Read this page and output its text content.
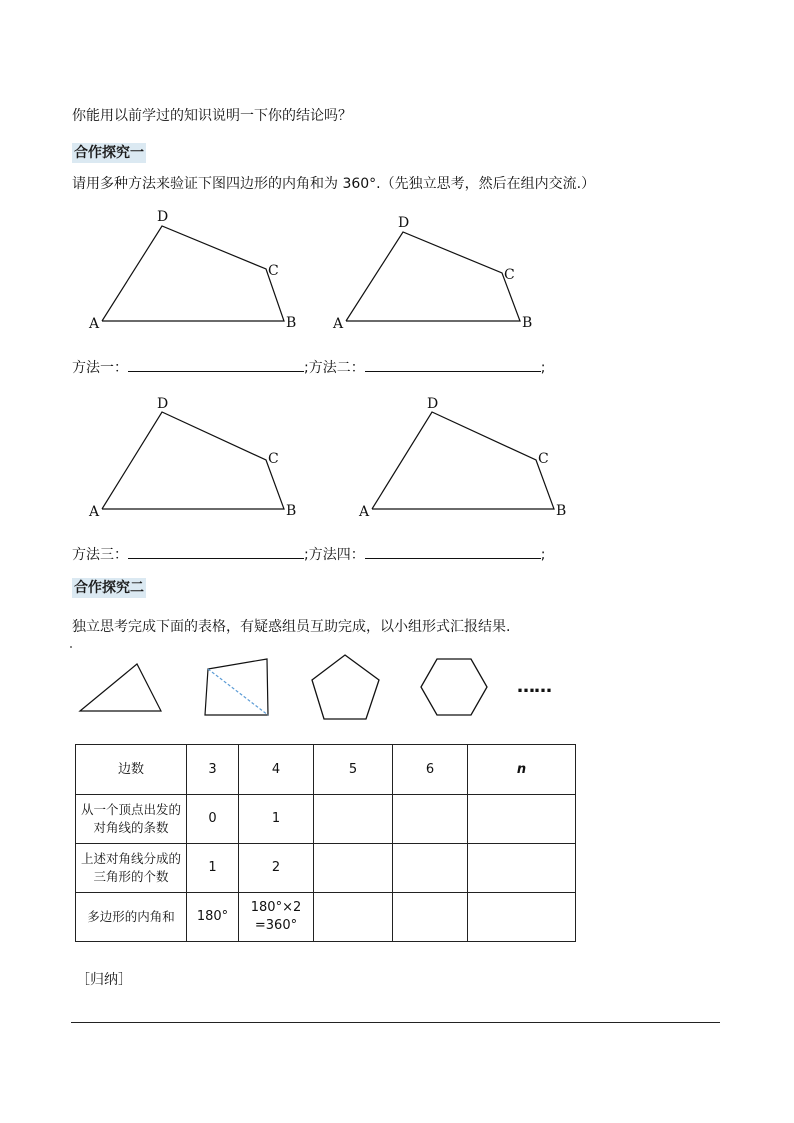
你能用以前学过的知识说明一下你的结论吗？
合作探究一
请用多种方法来验证下图四边形的内角和为 360°.（先独立思考，然后在组内交流.）
A	B
C
D
A	B
C
D
方法一：	;方法二：	;
A	B
C
D
A	B
C
D
方法三：	;方法四：	;
合作探究二
独立思考完成下面的表格，有疑惑组员互助完成，以小组形式汇报结果.
……
边数	3	4	5	6	n
从一个顶点出发的对角线的条数	0	1			
上述对角线分成的三角形的个数	1	2			
多边形的内角和	180°	180°×2
=360°			
［归纳］
